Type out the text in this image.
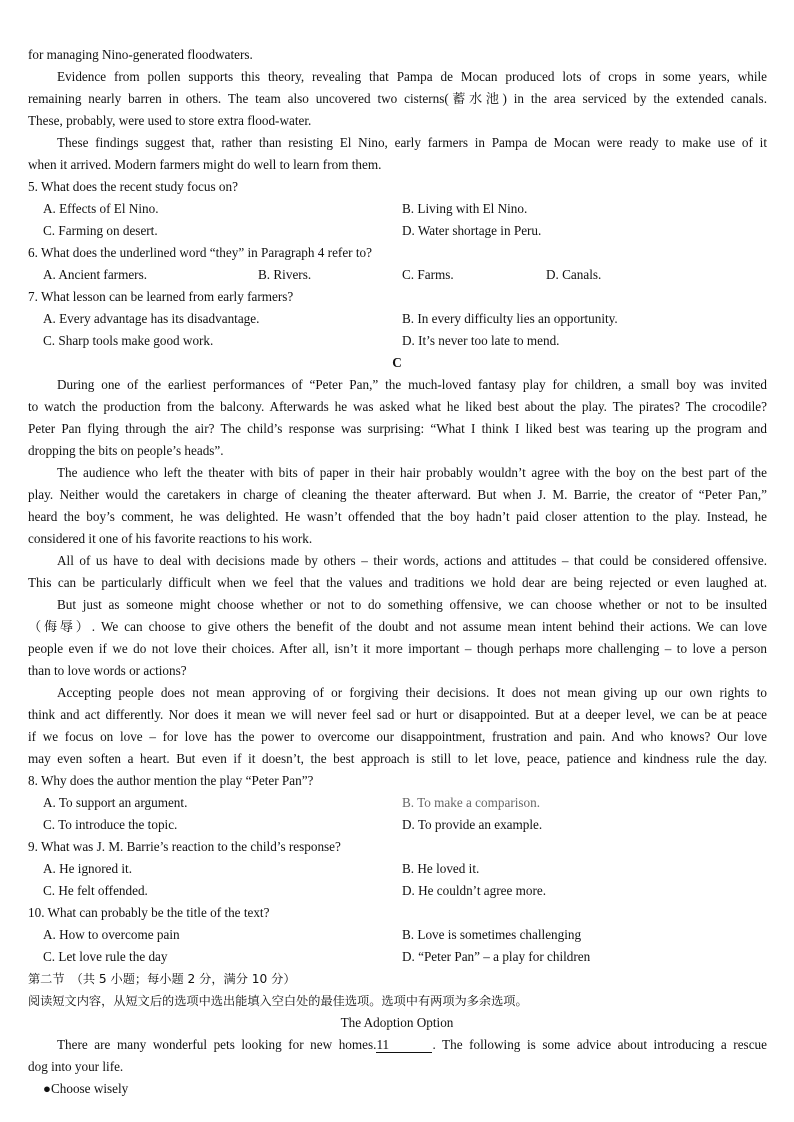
for managing Nino-generated floodwaters.
Evidence from pollen supports this theory, revealing that Pampa de Mocan produced lots of crops in some years, while
remaining nearly barren in others. The team also uncovered two cisterns(蓄水池) in the area serviced by the extended canals.
These, probably, were used to store extra flood-water.
These findings suggest that, rather than resisting El Nino, early farmers in Pampa de Mocan were ready to make use of it
when it arrived. Modern farmers might do well to learn from them.
5. What does the recent study focus on?
A. Effects of El Nino.	B. Living with El Nino.
C. Farming on desert.	D. Water shortage in Peru.
6. What does the underlined word “they” in Paragraph 4 refer to?
A. Ancient farmers.	B. Rivers.	C. Farms.	D. Canals.
7. What lesson can be learned from early farmers?
A. Every advantage has its disadvantage.	B. In every difficulty lies an opportunity.
C. Sharp tools make good work.	D. It’s never too late to mend.
C
During one of the earliest performances of “Peter Pan,” the much-loved fantasy play for children, a small boy was invited
to watch the production from the balcony. Afterwards he was asked what he liked best about the play. The pirates? The crocodile?
Peter Pan flying through the air? The child’s response was surprising: “What I think I liked best was tearing up the program and
dropping the bits on people’s heads”.
The audience who left the theater with bits of paper in their hair probably wouldn’t agree with the boy on the best part of the
play. Neither would the caretakers in charge of cleaning the theater afterward. But when J. M. Barrie, the creator of “Peter Pan,”
heard the boy’s comment, he was delighted. He wasn’t offended that the boy hadn’t paid closer attention to the play. Instead, he
considered it one of his favorite reactions to his work.
All of us have to deal with decisions made by others – their words, actions and attitudes – that could be considered offensive.
This can be particularly difficult when we feel that the values and traditions we hold dear are being rejected or even laughed at.
But just as someone might choose whether or not to do something offensive, we can choose whether or not to be insulted
（侮辱）. We can choose to give others the benefit of the doubt and not assume mean intent behind their actions. We can love
people even if we do not love their choices. After all, isn’t it more important – though perhaps more challenging – to love a person
than to love words or actions?
Accepting people does not mean approving of or forgiving their decisions. It does not mean giving up our own rights to
think and act differently. Nor does it mean we will never feel sad or hurt or disappointed. But at a deeper level, we can be at peace
if we focus on love – for love has the power to overcome our disappointment, frustration and pain. And who knows? Our love
may even soften a heart. But even if it doesn’t, the best approach is still to let love, peace, patience and kindness rule the day.
8. Why does the author mention the play “Peter Pan”?
A. To support an argument.	B. To make a comparison.
C. To introduce the topic.	D. To provide an example.
9. What was J. M. Barrie’s reaction to the child’s response?
A. He ignored it.	B. He loved it.
C. He felt offended.	D. He couldn’t agree more.
10. What can probably be the title of the text?
A. How to overcome pain	B. Love is sometimes challenging
C. Let love rule the day	D. “Peter Pan” – a play for children
第二节　（共 5 小题；每小题 2 分，满分 10 分）
阅读短文内容，从短文后的选项中选出能填入空白处的最佳选项。选项中有两项为多余选项。
The Adoption Option
There are many wonderful pets looking for new homes.11	. The following is some advice about introducing a rescue
dog into your life.
●Choose wisely
